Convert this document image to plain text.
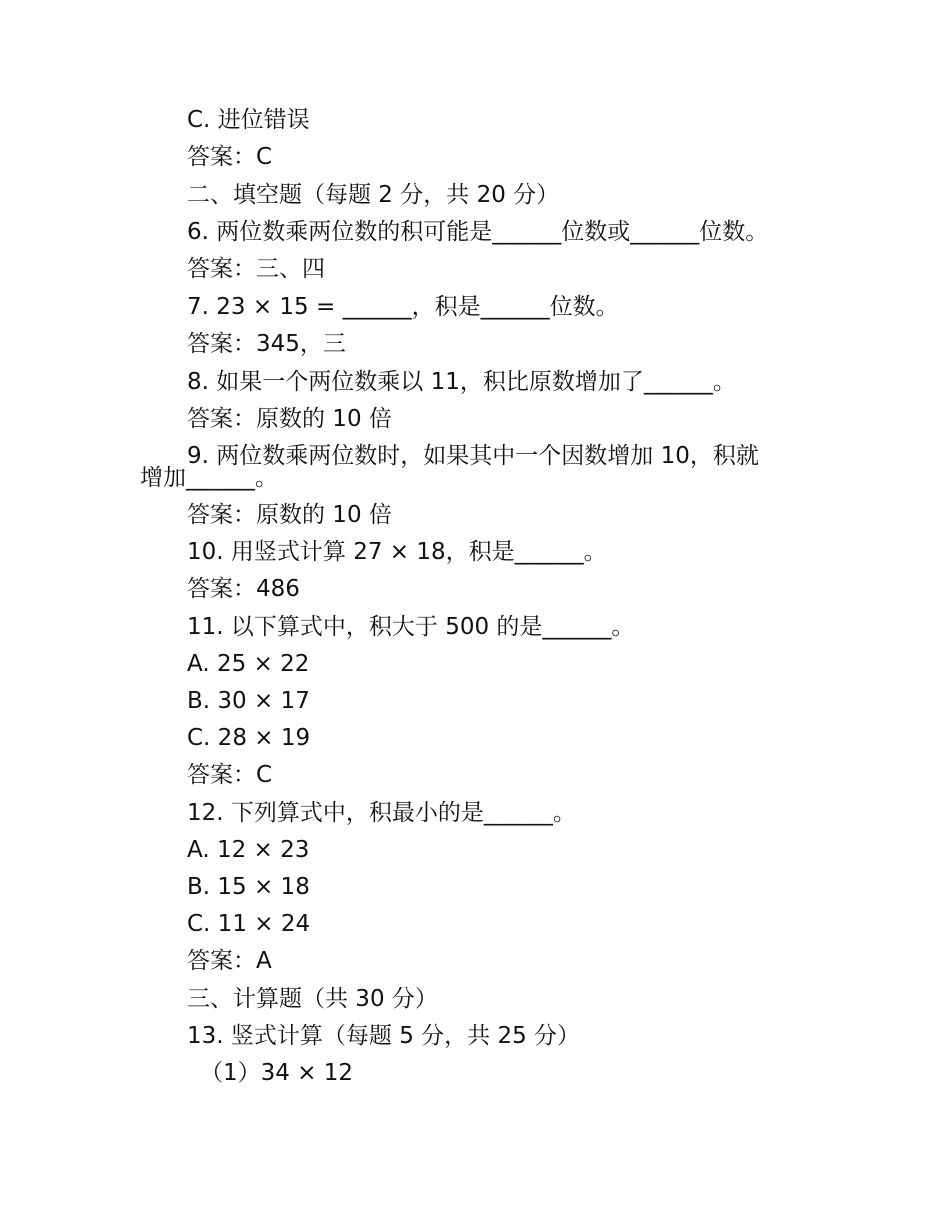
C. 进位错误
答案：C
二、填空题（每题 2 分，共 20 分）
6. 两位数乘两位数的积可能是______位数或______位数。
答案：三、四
7. 23 × 15 = ______，积是______位数。
答案：345，三
8. 如果一个两位数乘以 11，积比原数增加了______。
答案：原数的 10 倍
9. 两位数乘两位数时，如果其中一个因数增加 10，积就
增加______。
答案：原数的 10 倍
10. 用竖式计算 27 × 18，积是______。
答案：486
11. 以下算式中，积大于 500 的是______。
A. 25 × 22
B. 30 × 17
C. 28 × 19
答案：C
12. 下列算式中，积最小的是______。
A. 12 × 23
B. 15 × 18
C. 11 × 24
答案：A
三、计算题（共 30 分）
13. 竖式计算（每题 5 分，共 25 分）
（1）34 × 12
